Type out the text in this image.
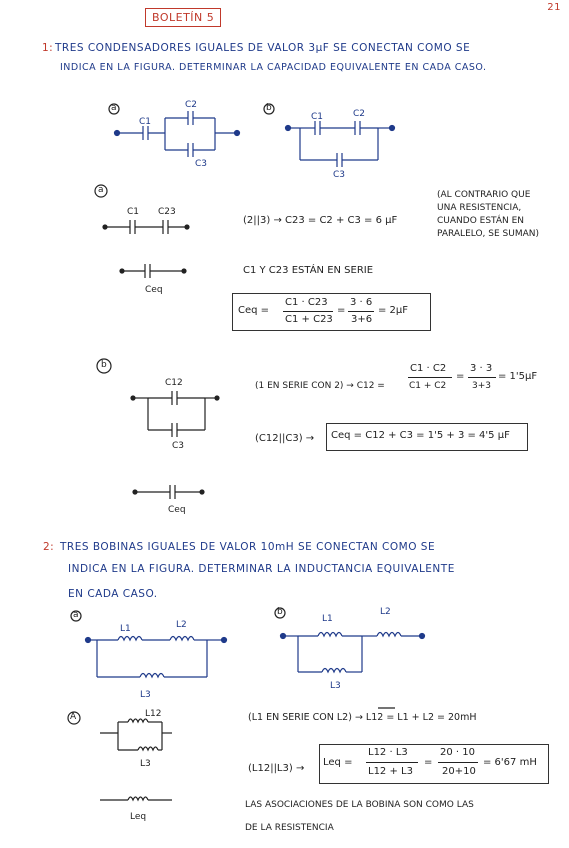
BOLETÍN 5
21
1: TRES CONDENSADORES IGUALES DE VALOR 3μF SE CONECTAN COMO SE
INDICA EN LA FIGURA. DETERMINAR LA CAPACIDAD EQUIVALENTE EN CADA CASO.
a	b
C1
C2
C3
C1	C2
C3
a
C1 C23
Ceq
(2||3) → C23 = C2 + C3 = 6 μF
(AL CONTRARIO QUE
UNA RESISTENCIA,
CUANDO ESTÁN EN
PARALELO, SE SUMAN)
C1 Y C23 ESTÁN EN SERIE
Ceq =
C1 · C23
C1 + C23
=
3 · 6
3+6
= 2μF
b
C12
C3
Ceq
(1 EN SERIE CON 2) → C12 =
C1 · C2
C1 + C2
=
3 · 3
3+3
= 1'5μF
(C12||C3) → Ceq = C12 + C3 = 1'5 + 3 = 4'5 μF
2: TRES BOBINAS IGUALES DE VALOR 10mH SE CONECTAN COMO SE
INDICA EN LA FIGURA. DETERMINAR LA INDUCTANCIA EQUIVALENTE
EN CADA CASO.
a	b
L1	L2
L3
L1
L2
L3
A	L12
L3
Leq
(L1 EN SERIE CON L2) → L12 = L1 + L2 = 20mH
(L12||L3) →
Leq =
L12 · L3
L12 + L3
=
20 · 10
20+10
= 6'67 mH
LAS ASOCIACIONES DE LA BOBINA SON COMO LAS
DE LA RESISTENCIA
